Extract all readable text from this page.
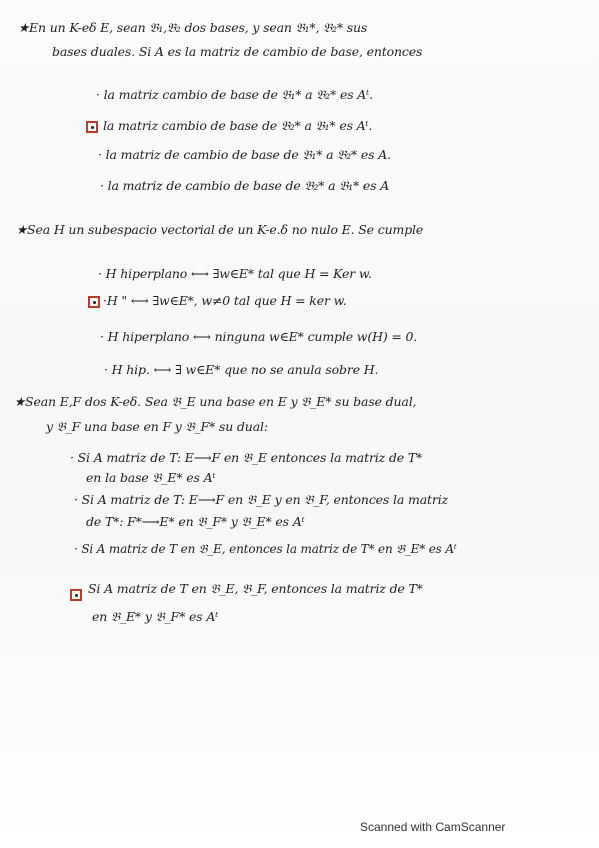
★En un K-eδ E, sean 𝔅₁,𝔅₂ dos bases, y sean 𝔅₁*, 𝔅₂* sus
bases duales. Si A es la matriz de cambio de base, entonces
· la matriz cambio de base de 𝔅₁* a 𝔅₂* es Aᵗ.
la matriz cambio de base de 𝔅₂* a 𝔅₁* es Aᵗ.
· la matriz de cambio de base de 𝔅₁* a 𝔅₂* es A.
· la matriz de cambio de base de 𝔅₂* a 𝔅₁* es A
★Sea H un subespacio vectorial de un K-e.δ no nulo E. Se cumple
· H hiperplano ⟷ ∃w∈E* tal que H = Ker w.
·H " ⟷ ∃w∈E*, w≠0 tal que H = ker w.
· H hiperplano ⟷ ninguna w∈E* cumple w(H) = 0.
· H hip. ⟷ ∃ w∈E* que no se anula sobre H.
★Sean E,F dos K-eδ. Sea 𝔅_E una base en E y 𝔅_E* su base dual,
y 𝔅_F una base en F y 𝔅_F* su dual:
· Si A matriz de T: E⟶F en 𝔅_E entonces la matriz de T*
en la base 𝔅_E* es Aᵗ
· Si A matriz de T: E⟶F en 𝔅_E y en 𝔅_F, entonces la matriz
de T*: F*⟶E* en 𝔅_F* y 𝔅_E* es Aᵗ
· Si A matriz de T en 𝔅_E, entonces la matriz de T* en 𝔅_E* es Aᵗ
Si A matriz de T en 𝔅_E, 𝔅_F, entonces la matriz de T*
en 𝔅_E* y 𝔅_F* es Aᵗ
Scanned with CamScanner
